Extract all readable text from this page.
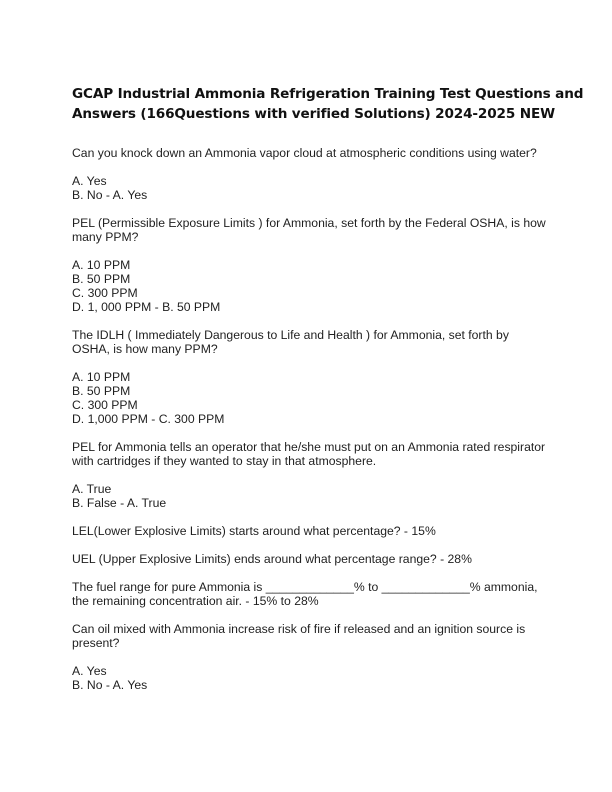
GCAP Industrial Ammonia Refrigeration Training Test Questions and
Answers (166Questions with verified Solutions) 2024-2025 NEW
Can you knock down an Ammonia vapor cloud at atmospheric conditions using water?
A. Yes
B. No - A. Yes
PEL (Permissible Exposure Limits ) for Ammonia, set forth by the Federal OSHA, is how
many PPM?
A. 10 PPM
B. 50 PPM
C. 300 PPM
D. 1, 000 PPM - B. 50 PPM
The IDLH ( Immediately Dangerous to Life and Health ) for Ammonia, set forth by
OSHA, is how many PPM?
A. 10 PPM
B. 50 PPM
C. 300 PPM
D. 1,000 PPM - C. 300 PPM
PEL for Ammonia tells an operator that he/she must put on an Ammonia rated respirator
with cartridges if they wanted to stay in that atmosphere.
A. True
B. False - A. True
LEL(Lower Explosive Limits) starts around what percentage? - 15%
UEL (Upper Explosive Limits) ends around what percentage range? - 28%
The fuel range for pure Ammonia is _____________% to _____________% ammonia,
the remaining concentration air. - 15% to 28%
Can oil mixed with Ammonia increase risk of fire if released and an ignition source is
present?
A. Yes
B. No - A. Yes
